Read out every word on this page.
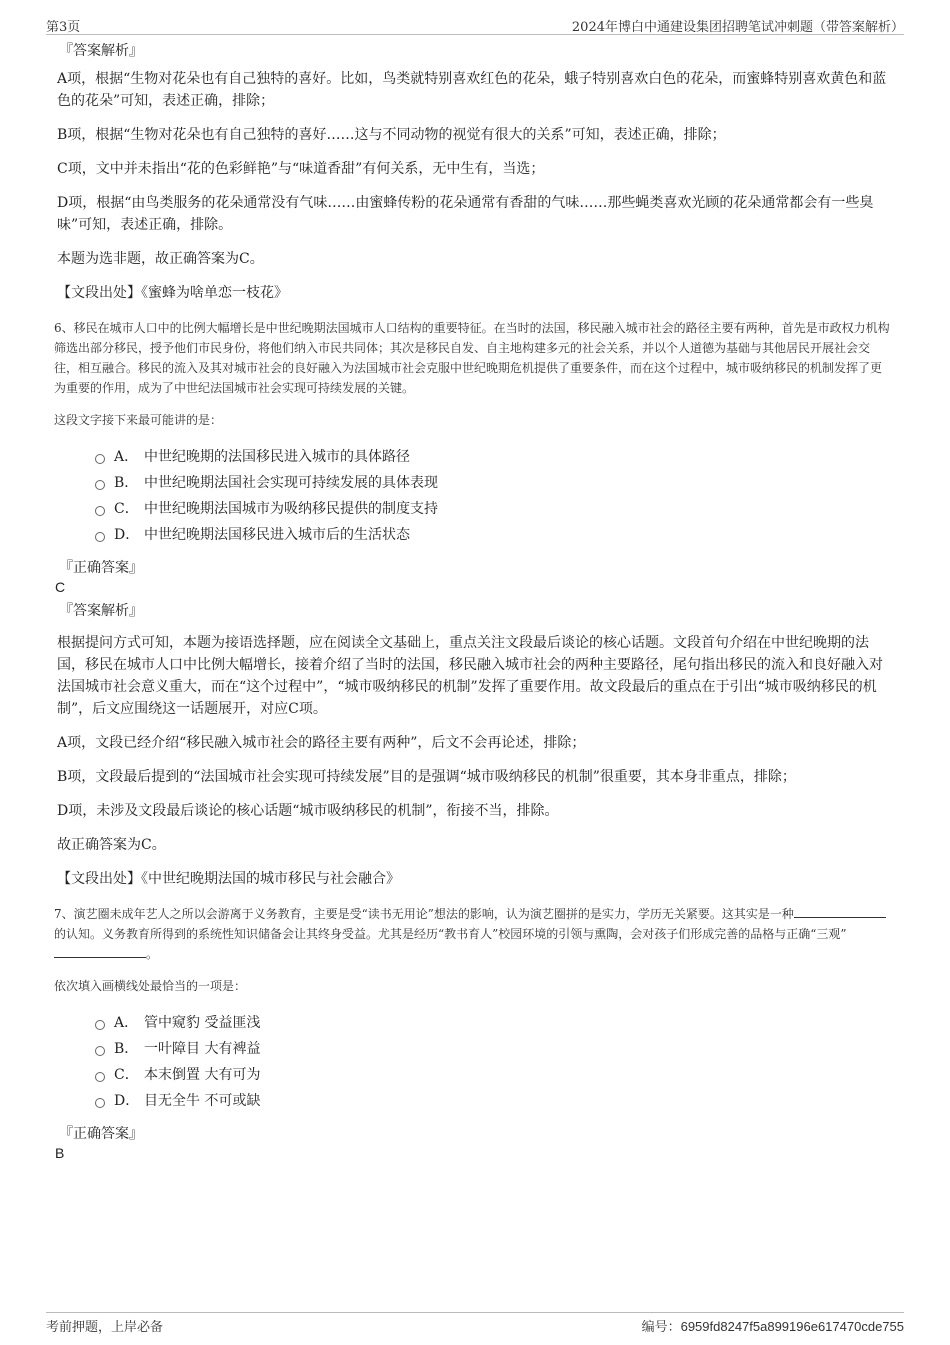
第3页	2024年博白中通建设集团招聘笔试冲刺题（带答案解析）
『答案解析』

A项，根据“生物对花朵也有自己独特的喜好。比如，鸟类就特别喜欢红色的花朵，蛾子特别喜欢白色的花朵，而蜜蜂特别喜欢黄色和蓝色的花朵”可知，表述正确，排除；

B项，根据“生物对花朵也有自己独特的喜好……这与不同动物的视觉有很大的关系”可知，表述正确，排除；

C项，文中并未指出“花的色彩鲜艳”与“味道香甜”有何关系，无中生有，当选；

D项，根据“由鸟类服务的花朵通常没有气味……由蜜蜂传粉的花朵通常有香甜的气味……那些蝇类喜欢光顾的花朵通常都会有一些臭味”可知，表述正确，排除。

本题为选非题，故正确答案为C。

【文段出处】《蜜蜂为啥单恋一枝花》
6、移民在城市人口中的比例大幅增长是中世纪晚期法国城市人口结构的重要特征。在当时的法国，移民融入城市社会的路径主要有两种，首先是市政权力机构筛选出部分移民，授予他们市民身份，将他们纳入市民共同体；其次是移民自发、自主地构建多元的社会关系，并以个人道德为基础与其他居民开展社会交往，相互融合。移民的流入及其对城市社会的良好融入为法国城市社会克服中世纪晚期危机提供了重要条件，而在这个过程中，城市吸纳移民的机制发挥了更为重要的作用，成为了中世纪法国城市社会实现可持续发展的关键。
这段文字接下来最可能讲的是：
A． 中世纪晚期的法国移民进入城市的具体路径
B． 中世纪晚期法国社会实现可持续发展的具体表现
C． 中世纪晚期法国城市为吸纳移民提供的制度支持
D． 中世纪晚期法国移民进入城市后的生活状态
『正确答案』
C
『答案解析』

根据提问方式可知，本题为接语选择题，应在阅读全文基础上，重点关注文段最后谈论的核心话题。文段首句介绍在中世纪晚期的法国，移民在城市人口中比例大幅增长，接着介绍了当时的法国，移民融入城市社会的两种主要路径，尾句指出移民的流入和良好融入对法国城市社会意义重大，而在“这个过程中”，“城市吸纳移民的机制”发挥了重要作用。故文段最后的重点在于引出“城市吸纳移民的机制”，后文应围绕这一话题展开，对应C项。

A项，文段已经介绍“移民融入城市社会的路径主要有两种”，后文不会再论述，排除；

B项，文段最后提到的“法国城市社会实现可持续发展”目的是强调“城市吸纳移民的机制”很重要，其本身非重点，排除；

D项，未涉及文段最后谈论的核心话题“城市吸纳移民的机制”，衔接不当，排除。

故正确答案为C。

【文段出处】《中世纪晚期法国的城市移民与社会融合》
7、演艺圈未成年艺人之所以会游离于义务教育，主要是受“读书无用论”想法的影响，认为演艺圈拼的是实力，学历无关紧要。这其实是一种的认知。义务教育所得到的系统性知识储备会让其终身受益。尤其是经历“教书育人”校园环境的引领与熏陶，会对孩子们形成完善的品格与正确“三观”。
依次填入画横线处最恰当的一项是：
A． 管中窥豹 受益匪浅
B． 一叶障目 大有裨益
C． 本末倒置 大有可为
D． 目无全牛 不可或缺
『正确答案』
B
考前押题，上岸必备	编号：6959fd8247f5a899196e617470cde755
